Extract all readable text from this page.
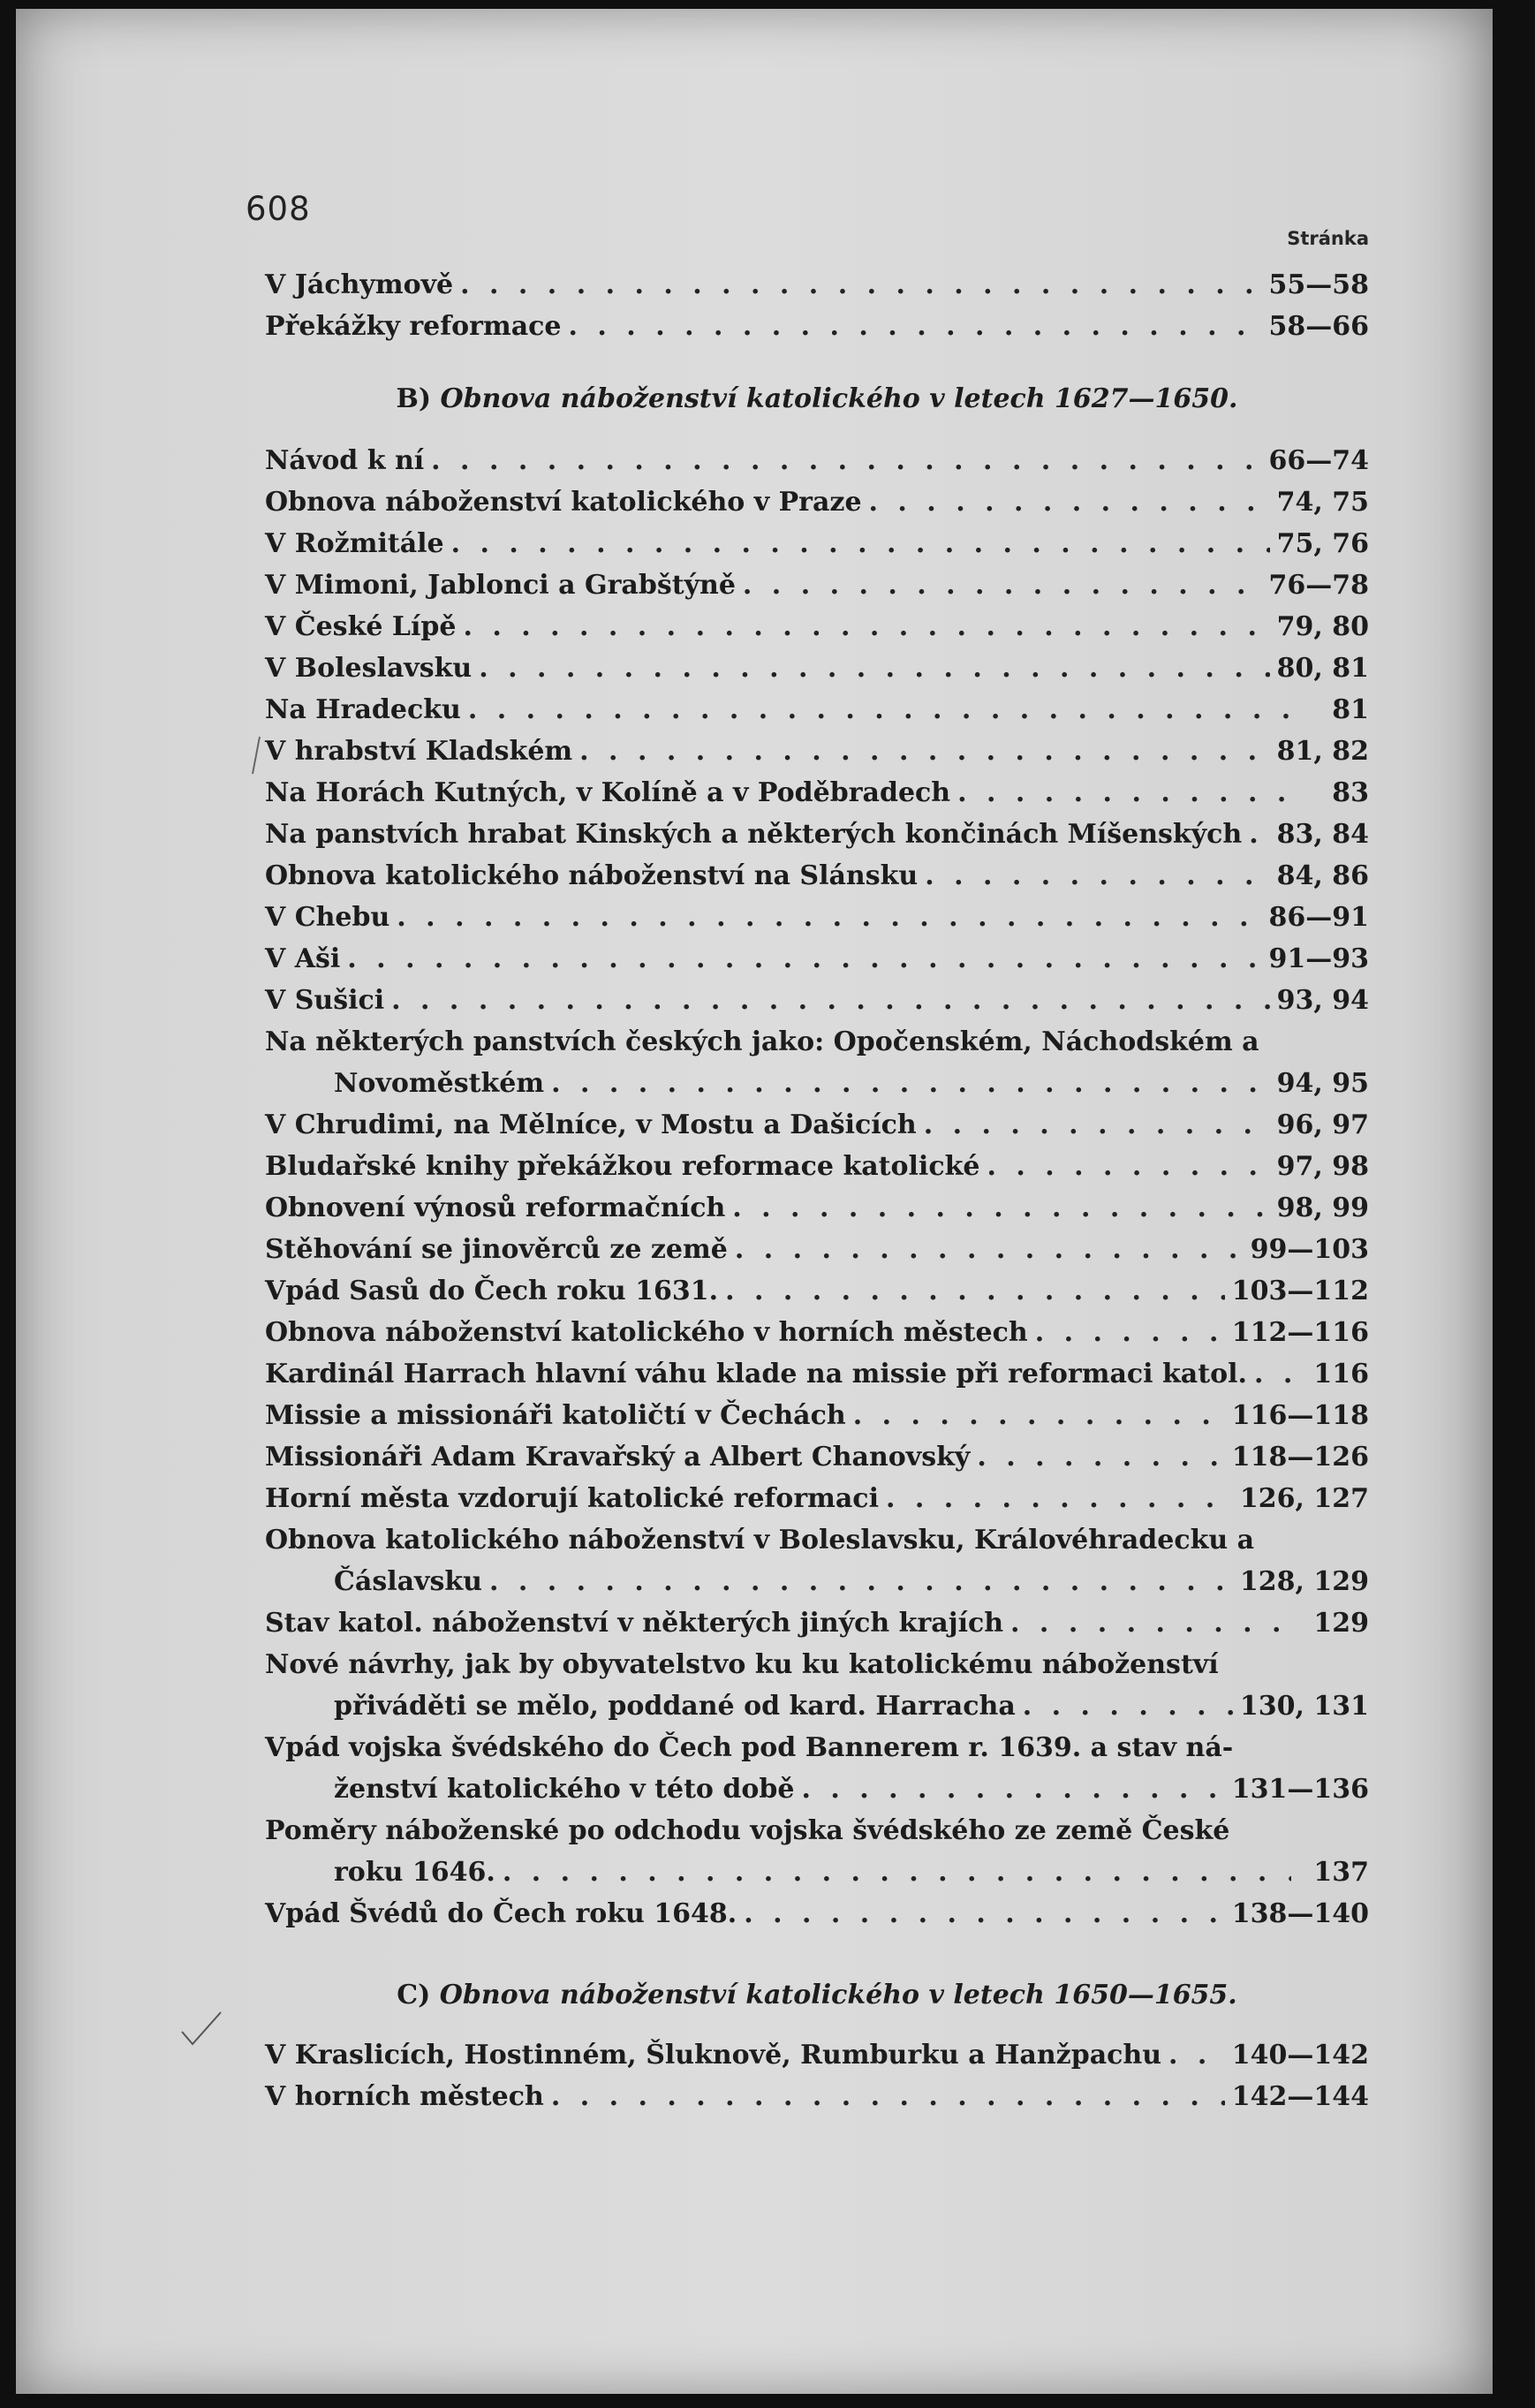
608
Stránka
V Jáchymově . . .	55—58
Překážky reformace . . .	58—66
B) Obnova náboženství katolického v letech 1627—1650.
Návod k ní . . .	66—74
Obnova náboženství katolického v Praze . . .	74, 75
V Rožmitále . . .	75, 76
V Mimoni, Jablonci a Grabštýně . . .	76—78
V České Lípě . . .	79, 80
V Boleslavsku . . .	80, 81
Na Hradecku . . .	81
V hrabství Kladském . . .	81, 82
Na Horách Kutných, v Kolíně a v Poděbradech . . .	83
Na panstvích hrabat Kinských a některých končinách Míšenských . . . 83, 84
Obnova katolického náboženství na Slánsku . . .	84, 86
V Chebu . . .	86—91
V Aši . . .	91—93
V Sušici . . .	93, 94
Na některých panstvích českých jako: Opočenském, Náchodském a
Novoměstkém . . .	94, 95
V Chrudimi, na Mělníce, v Mostu a Dašicích . . .	96, 97
Bludařské knihy překážkou reformace katolické . . .	97, 98
Obnovení výnosů reformačních . . .	98, 99
Stěhování se jinověrců ze země . . .	99—103
Vpád Sasů do Čech roku 1631. . . .	103—112
Obnova náboženství katolického v horních městech . . .	112—116
Kardinál Harrach hlavní váhu klade na missie při reformaci katol. . . .	116
Missie a missionáři katoličtí v Čechách . . .	116—118
Missionáři Adam Kravařský a Albert Chanovský . . .	118—126
Horní města vzdorují katolické reformaci . . .	126, 127
Obnova katolického náboženství v Boleslavsku, Královéhradecku a
Čáslavsku . . .	128, 129
Stav katol. náboženství v některých jiných krajích . . .	129
Nové návrhy, jak by obyvatelstvo ku ku katolickému náboženství
přiváděti se mělo, poddané od kard. Harracha . . .	130, 131
Vpád vojska švédského do Čech pod Bannerem r. 1639. a stav ná-
ženství katolického v této době . . .	131—136
Poměry náboženské po odchodu vojska švédského ze země České
roku 1646. . . .	137
Vpád Švédů do Čech roku 1648. . . .	138—140
C) Obnova náboženství katolického v letech 1650—1655.
V Kraslicích, Hostinném, Šluknově, Rumburku a Hanžpachu . . .	140—142
V horních městech . . .	142—144
